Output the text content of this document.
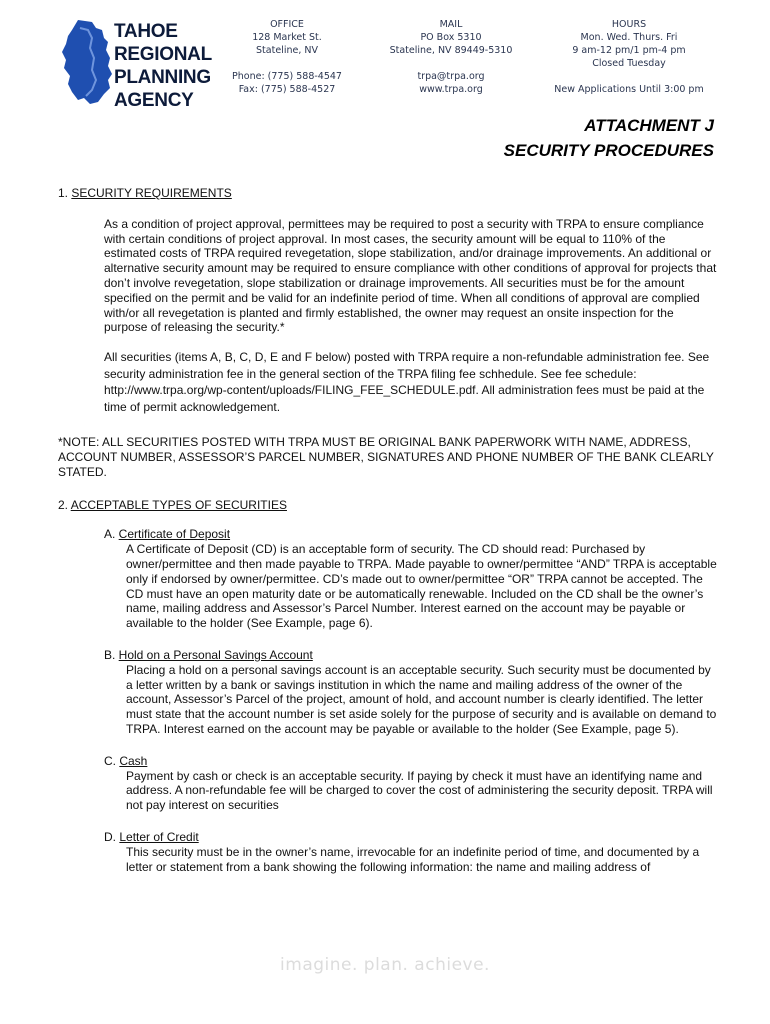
TAHOE
REGIONAL
PLANNING
AGENCY
OFFICE
128 Market St.
Stateline, NV
Phone: (775) 588-4547
Fax: (775) 588-4527
MAIL
PO Box 5310
Stateline, NV 89449-5310
trpa@trpa.org
www.trpa.org
HOURS
Mon. Wed. Thurs. Fri
9 am-12 pm/1 pm-4 pm
Closed Tuesday
New Applications Until 3:00 pm
ATTACHMENT J
SECURITY PROCEDURES
1. SECURITY REQUIREMENTS
As a condition of project approval, permittees may be required to post a security with TRPA to ensure compliance with certain conditions of project approval. In most cases, the security amount will be equal to 110% of the estimated costs of TRPA required revegetation, slope stabilization, and/or drainage improvements. An additional or alternative security amount may be required to ensure compliance with other conditions of approval for projects that don’t involve revegetation, slope stabilization or drainage improvements. All securities must be for the amount specified on the permit and be valid for an indefinite period of time. When all conditions of approval are complied with/or all revegetation is planted and firmly established, the owner may request an onsite inspection for the purpose of releasing the security.*
All securities (items A, B, C, D, E and F below) posted with TRPA require a non-refundable administration fee. See security administration fee in the general section of the TRPA filing fee schhedule. See fee schedule: http://www.trpa.org/wp-content/uploads/FILING_FEE_SCHEDULE.pdf. All administration fees must be paid at the time of permit acknowledgement.
*NOTE: ALL SECURITIES POSTED WITH TRPA MUST BE ORIGINAL BANK PAPERWORK WITH NAME, ADDRESS, ACCOUNT NUMBER, ASSESSOR’S PARCEL NUMBER, SIGNATURES AND PHONE NUMBER OF THE BANK CLEARLY STATED.
2. ACCEPTABLE TYPES OF SECURITIES
A. Certificate of Deposit
A Certificate of Deposit (CD) is an acceptable form of security. The CD should read: Purchased by owner/permittee and then made payable to TRPA. Made payable to owner/permittee “AND” TRPA is acceptable only if endorsed by owner/permittee. CD’s made out to owner/permittee “OR” TRPA cannot be accepted. The CD must have an open maturity date or be automatically renewable. Included on the CD shall be the owner’s name, mailing address and Assessor’s Parcel Number. Interest earned on the account may be payable or available to the holder (See Example, page 6).
B. Hold on a Personal Savings Account
Placing a hold on a personal savings account is an acceptable security. Such security must be documented by a letter written by a bank or savings institution in which the name and mailing address of the owner of the account, Assessor’s Parcel of the project, amount of hold, and account number is clearly identified. The letter must state that the account number is set aside solely for the purpose of security and is available on demand to TRPA. Interest earned on the account may be payable or available to the holder (See Example, page 5).
C. Cash
Payment by cash or check is an acceptable security. If paying by check it must have an identifying name and address. A non-refundable fee will be charged to cover the cost of administering the security deposit. TRPA will not pay interest on securities
D. Letter of Credit
This security must be in the owner’s name, irrevocable for an indefinite period of time, and documented by a letter or statement from a bank showing the following information: the name and mailing address of
imagine. plan. achieve.
